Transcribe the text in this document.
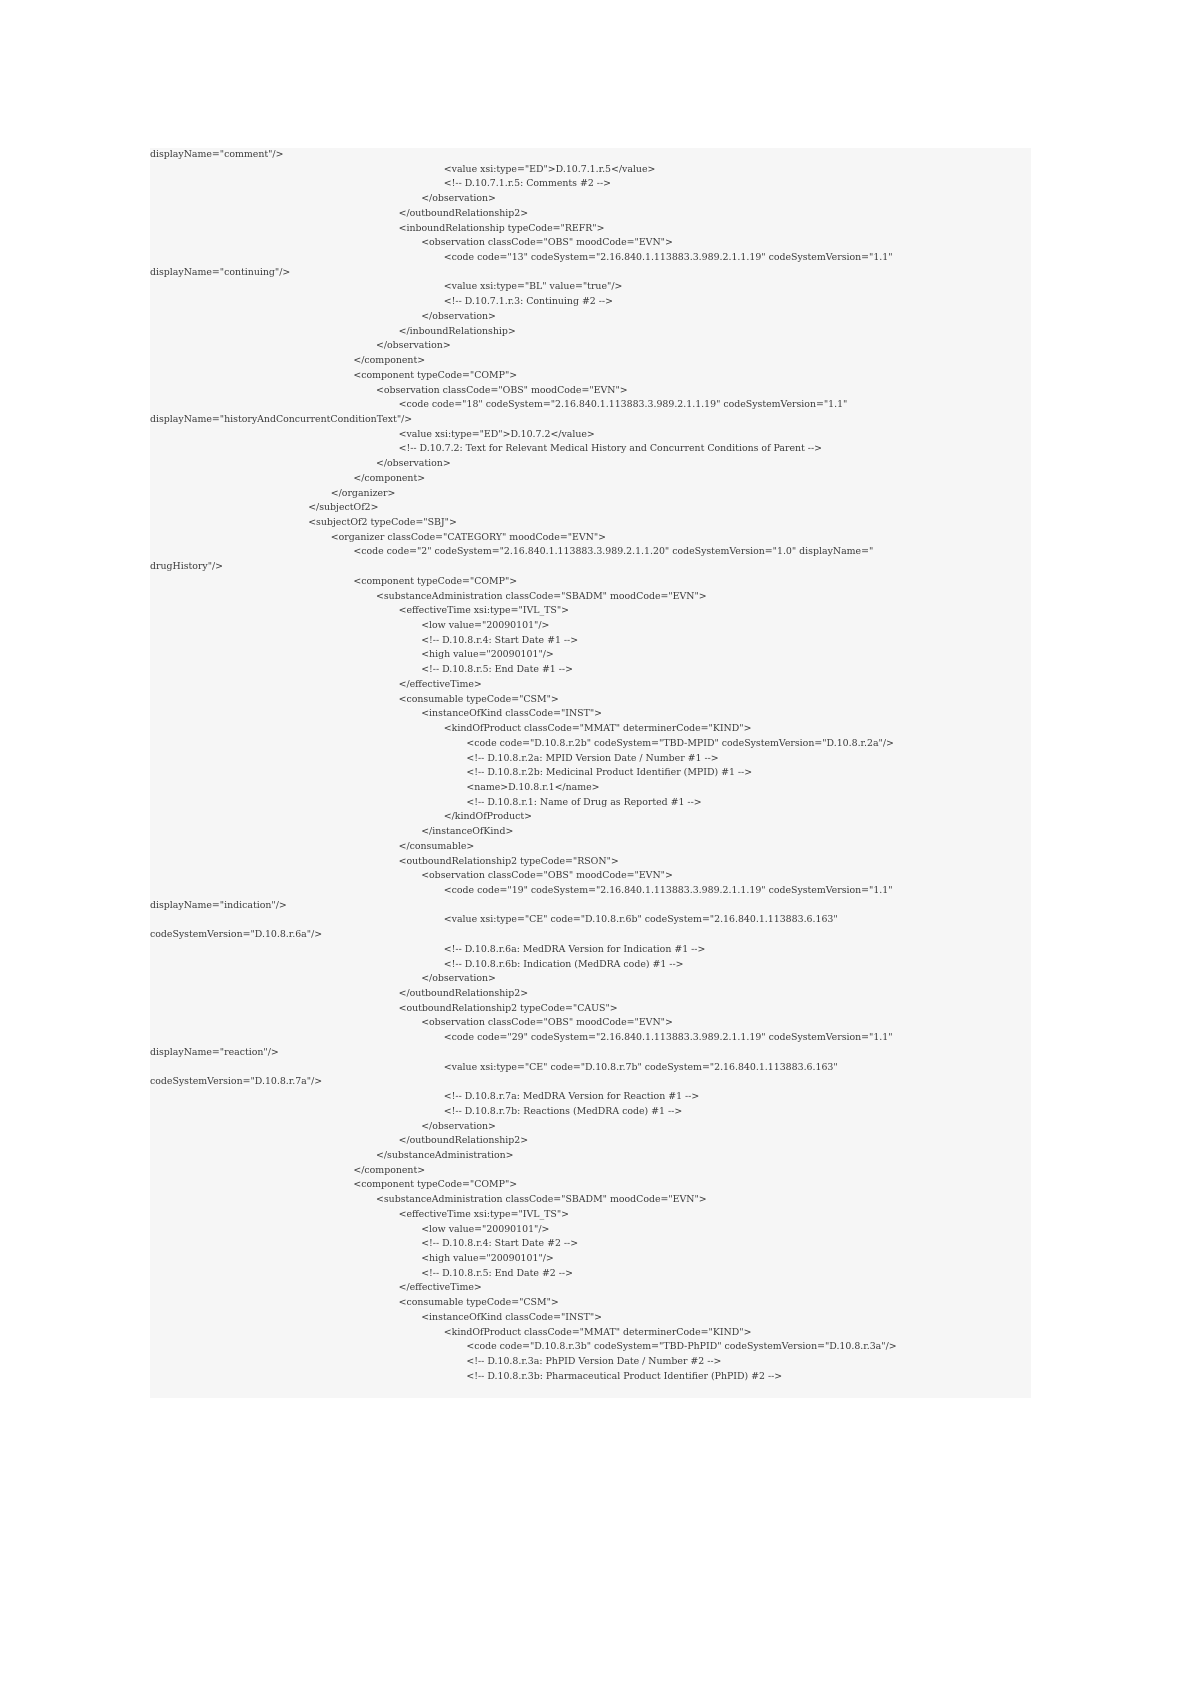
displayName="comment"/>
<value xsi:type="ED">D.10.7.1.r.5</value>
<!-- D.10.7.1.r.5: Comments #2 -->
</observation>
</outboundRelationship2>
<inboundRelationship typeCode="REFR">
<observation classCode="OBS" moodCode="EVN">
<code code="13" codeSystem="2.16.840.1.113883.3.989.2.1.1.19" codeSystemVersion="1.1"
displayName="continuing"/>
<value xsi:type="BL" value="true"/>
<!-- D.10.7.1.r.3: Continuing #2 -->
</observation>
</inboundRelationship>
</observation>
</component>
<component typeCode="COMP">
<observation classCode="OBS" moodCode="EVN">
<code code="18" codeSystem="2.16.840.1.113883.3.989.2.1.1.19" codeSystemVersion="1.1"
displayName="historyAndConcurrentConditionText"/>
<value xsi:type="ED">D.10.7.2</value>
<!-- D.10.7.2: Text for Relevant Medical History and Concurrent Conditions of Parent -->
</observation>
</component>
</organizer>
</subjectOf2>
<subjectOf2 typeCode="SBJ">
<organizer classCode="CATEGORY" moodCode="EVN">
<code code="2" codeSystem="2.16.840.1.113883.3.989.2.1.1.20" codeSystemVersion="1.0" displayName="
drugHistory"/>
<component typeCode="COMP">
<substanceAdministration classCode="SBADM" moodCode="EVN">
<effectiveTime xsi:type="IVL_TS">
<low value="20090101"/>
<!-- D.10.8.r.4: Start Date #1 -->
<high value="20090101"/>
<!-- D.10.8.r.5: End Date #1 -->
</effectiveTime>
<consumable typeCode="CSM">
<instanceOfKind classCode="INST">
<kindOfProduct classCode="MMAT" determinerCode="KIND">
<code code="D.10.8.r.2b" codeSystem="TBD-MPID" codeSystemVersion="D.10.8.r.2a"/>
<!-- D.10.8.r.2a: MPID Version Date / Number #1 -->
<!-- D.10.8.r.2b: Medicinal Product Identifier (MPID) #1 -->
<name>D.10.8.r.1</name>
<!-- D.10.8.r.1: Name of Drug as Reported #1 -->
</kindOfProduct>
</instanceOfKind>
</consumable>
<outboundRelationship2 typeCode="RSON">
<observation classCode="OBS" moodCode="EVN">
<code code="19" codeSystem="2.16.840.1.113883.3.989.2.1.1.19" codeSystemVersion="1.1"
displayName="indication"/>
<value xsi:type="CE" code="D.10.8.r.6b" codeSystem="2.16.840.1.113883.6.163"
codeSystemVersion="D.10.8.r.6a"/>
<!-- D.10.8.r.6a: MedDRA Version for Indication #1 -->
<!-- D.10.8.r.6b: Indication (MedDRA code) #1 -->
</observation>
</outboundRelationship2>
<outboundRelationship2 typeCode="CAUS">
<observation classCode="OBS" moodCode="EVN">
<code code="29" codeSystem="2.16.840.1.113883.3.989.2.1.1.19" codeSystemVersion="1.1"
displayName="reaction"/>
<value xsi:type="CE" code="D.10.8.r.7b" codeSystem="2.16.840.1.113883.6.163"
codeSystemVersion="D.10.8.r.7a"/>
<!-- D.10.8.r.7a: MedDRA Version for Reaction #1 -->
<!-- D.10.8.r.7b: Reactions (MedDRA code) #1 -->
</observation>
</outboundRelationship2>
</substanceAdministration>
</component>
<component typeCode="COMP">
<substanceAdministration classCode="SBADM" moodCode="EVN">
<effectiveTime xsi:type="IVL_TS">
<low value="20090101"/>
<!-- D.10.8.r.4: Start Date #2 -->
<high value="20090101"/>
<!-- D.10.8.r.5: End Date #2 -->
</effectiveTime>
<consumable typeCode="CSM">
<instanceOfKind classCode="INST">
<kindOfProduct classCode="MMAT" determinerCode="KIND">
<code code="D.10.8.r.3b" codeSystem="TBD-PhPID" codeSystemVersion="D.10.8.r.3a"/>
<!-- D.10.8.r.3a: PhPID Version Date / Number #2 -->
<!-- D.10.8.r.3b: Pharmaceutical Product Identifier (PhPID) #2 -->
